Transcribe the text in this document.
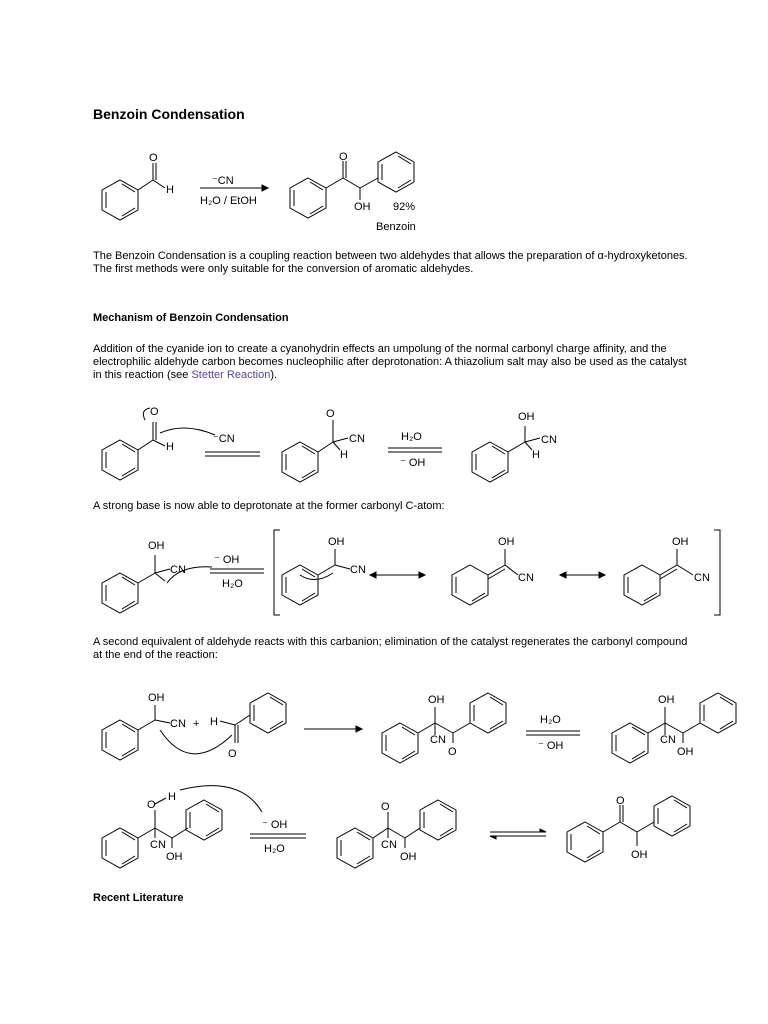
Benzoin Condensation
O
H
⁻CN
H₂O / EtOH
O
OH 92%
Benzoin
The Benzoin Condensation is a coupling reaction between two aldehydes that allows the preparation of α-hydroxyketones. The first methods were only suitable for the conversion of aromatic aldehydes.
Mechanism of Benzoin Condensation
Addition of the cyanide ion to create a cyanohydrin effects an umpolung of the normal carbonyl charge affinity, and the electrophilic aldehyde carbon becomes nucleophilic after deprotonation: A thiazolium salt may also be used as the catalyst in this reaction (see Stetter Reaction).
O
H
⁻CN
O
CN
H
H₂O
⁻ OH
OH
CN
H
A strong base is now able to deprotonate at the former carbonyl C-atom:
OH
CN
⁻ OH
H₂O
OH
CN
OH
CN
OH
CN
A second equivalent of aldehyde reacts with this carbanion; elimination of the catalyst regenerates the carbonyl compound at the end of the reaction:
OH
CN + H
O
OH
CN
O
H₂O
⁻ OH
OH
CN
OH
O
H
CN
OH
⁻ OH
H₂O
O
CN
OH
O
OH
Recent Literature
